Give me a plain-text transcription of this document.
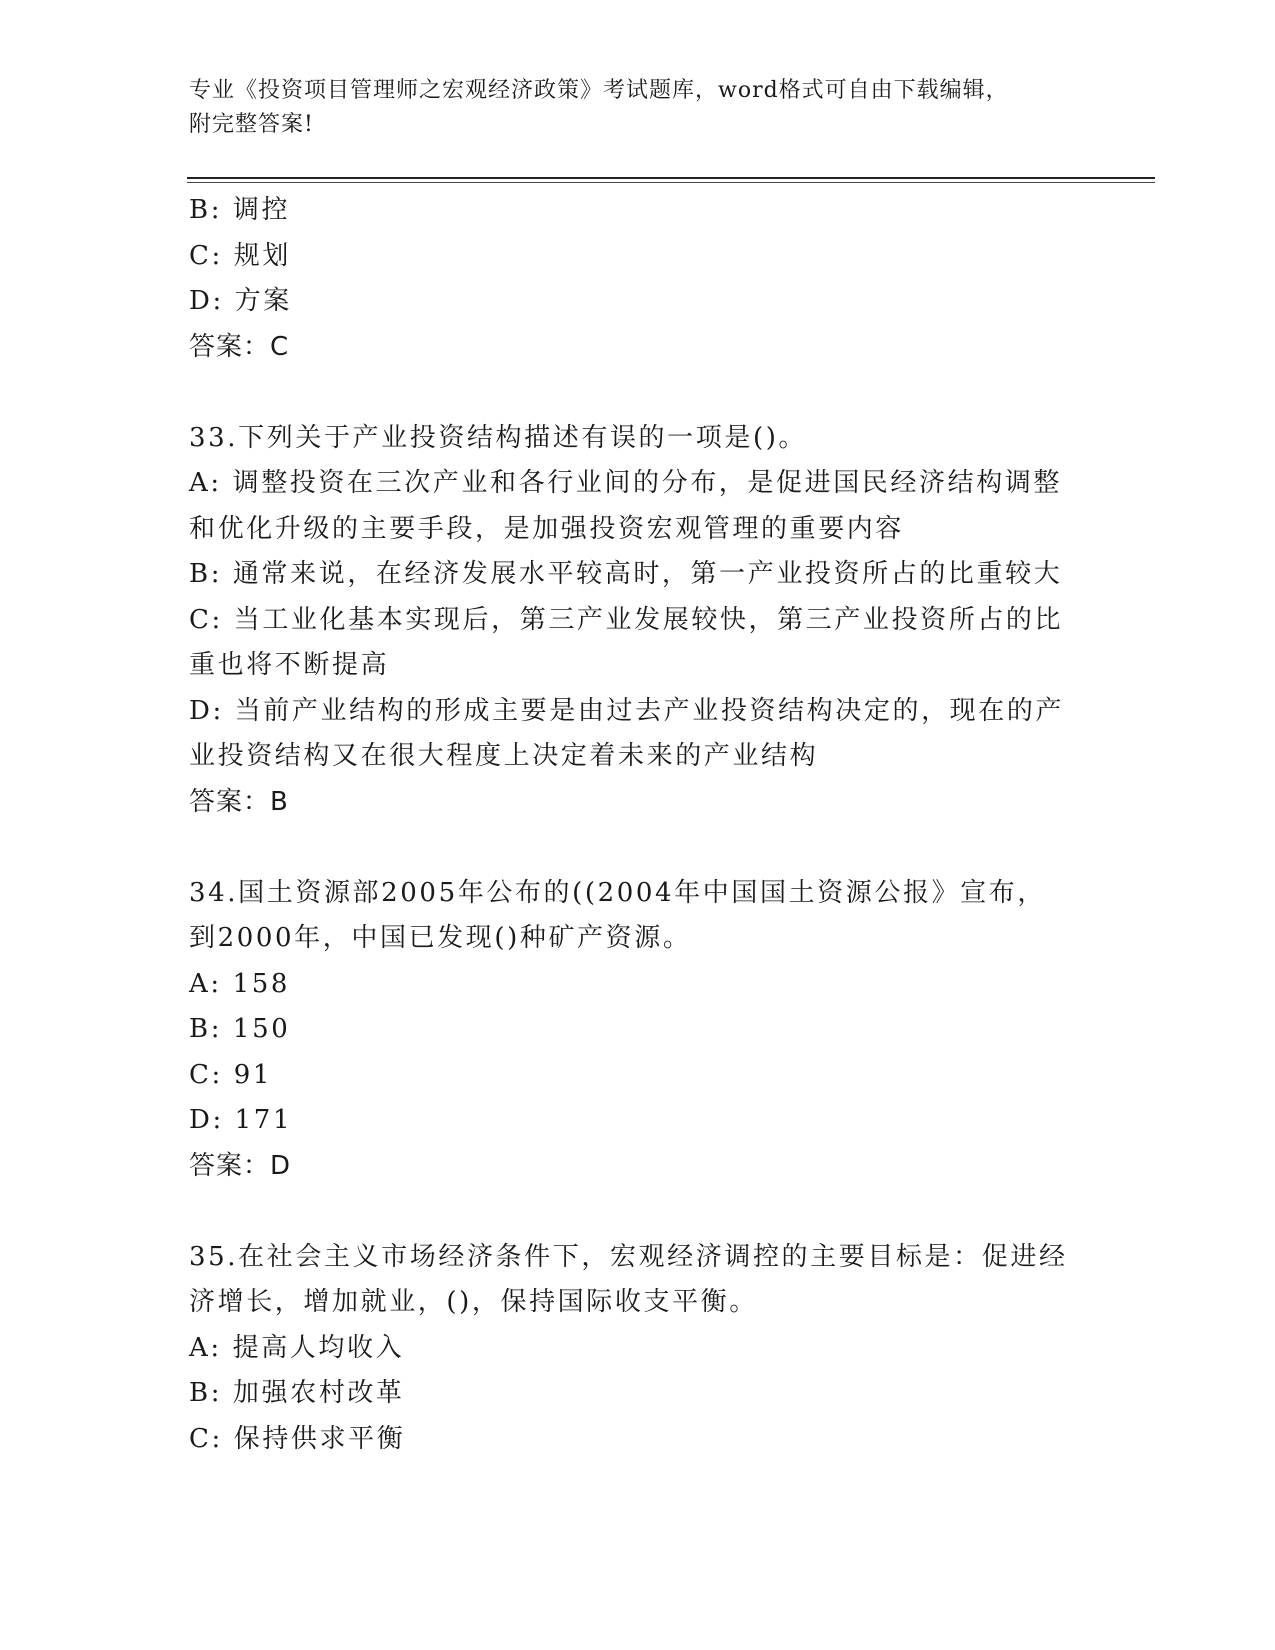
专业《投资项目管理师之宏观经济政策》考试题库，word格式可自由下载编辑，
附完整答案!
B: 调控
C: 规划
D: 方案
答案：C
33.下列关于产业投资结构描述有误的一项是()。
A: 调整投资在三次产业和各行业间的分布，是促进国民经济结构调整和优化升级的主要手段，是加强投资宏观管理的重要内容
B: 通常来说，在经济发展水平较高时，第一产业投资所占的比重较大
C: 当工业化基本实现后，第三产业发展较快，第三产业投资所占的比重也将不断提高
D: 当前产业结构的形成主要是由过去产业投资结构决定的，现在的产业投资结构又在很大程度上决定着未来的产业结构
答案：B
34.国土资源部2005年公布的((2004年中国国土资源公报》宣布，到2000年，中国已发现()种矿产资源。
A: 158
B: 150
C: 91
D: 171
答案：D
35.在社会主义市场经济条件下，宏观经济调控的主要目标是：促进经济增长，增加就业，()，保持国际收支平衡。
A: 提高人均收入
B: 加强农村改革
C: 保持供求平衡
